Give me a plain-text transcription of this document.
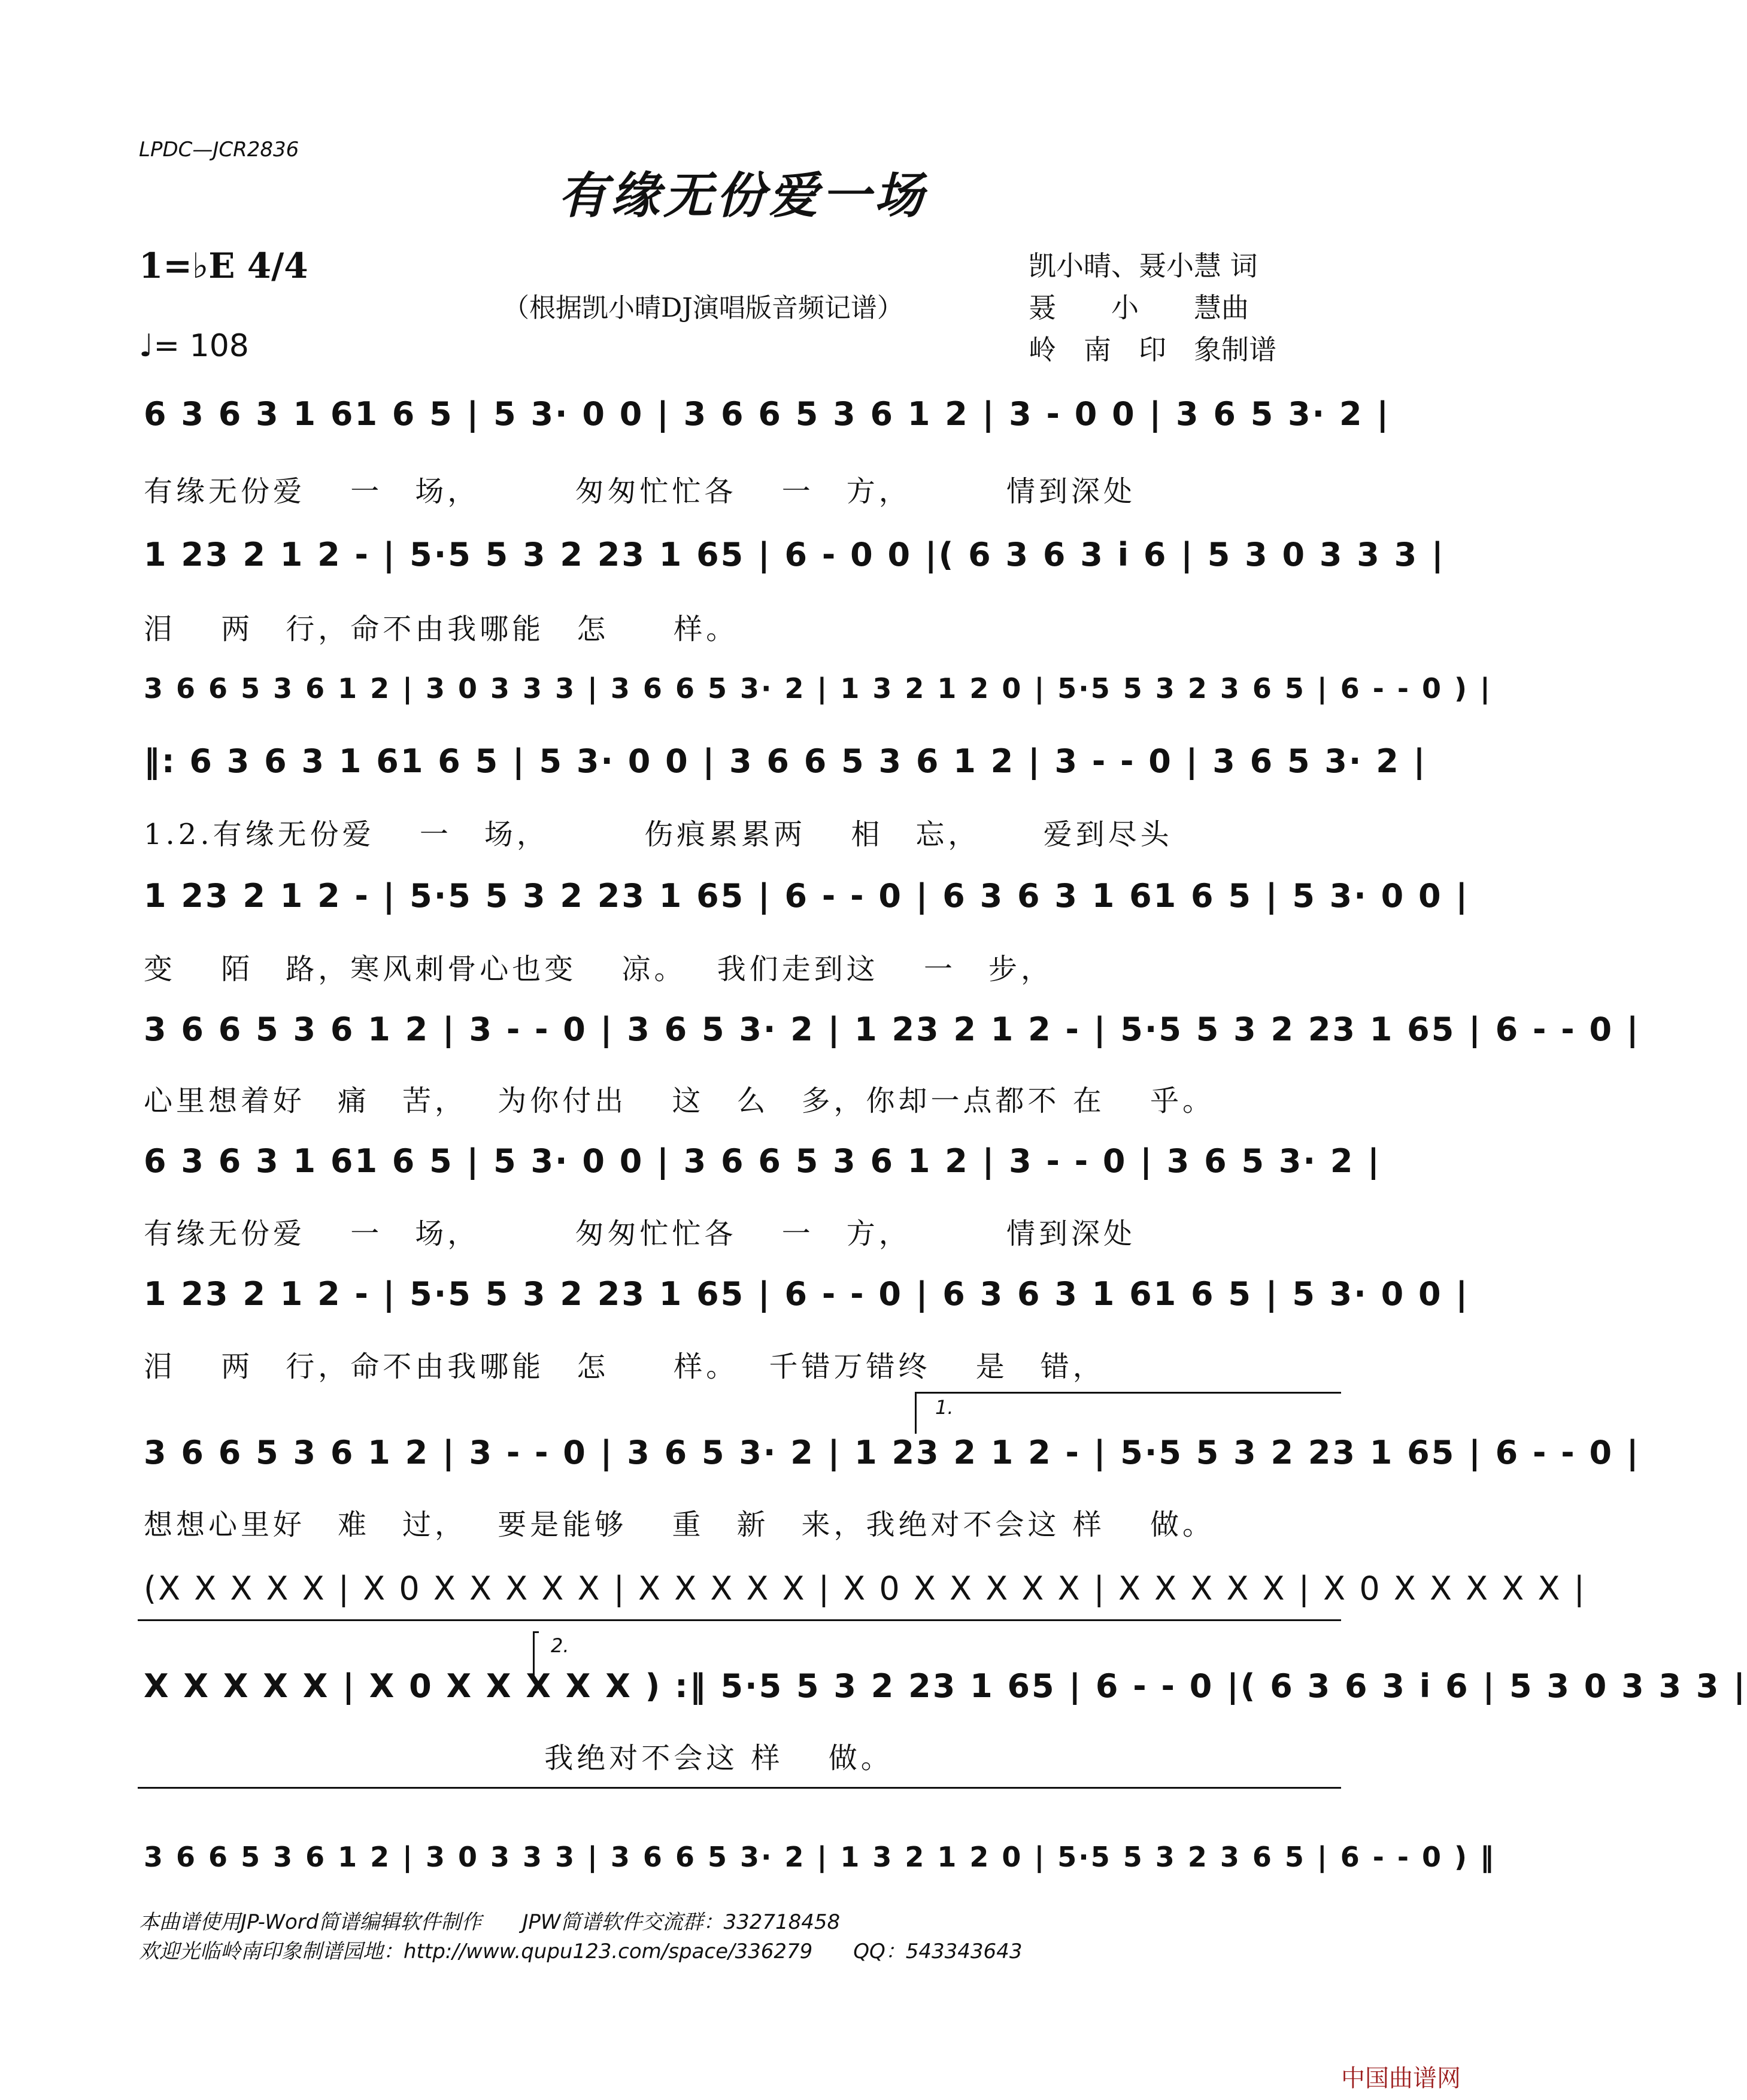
LPDC—JCR2836
有缘无份爱一场
1=♭E 4/4
♩= 108
（根据凯小晴DJ演唱版音频记谱）
凯小晴、聂小慧 词
聂　　小　　慧曲
岭　南　印　象制谱
6 3 6 3 1 61 6 5 | 5 3· 0 0 | 3 6 6 5 3 6 1 2 | 3 - 0 0 | 3 6 5 3· 2 |
有缘无份爱　 一　场，　　　 匆匆忙忙各　 一　方，　　　 情到深处
1 23 2 1 2 - | 5·5 5 3 2 23 1 65 | 6 - 0 0 |( 6 3 6 3 i 6 | 5 3 0 3 3 3 |
泪　 两　行，命不由我哪能　怎　　样。
3 6 6 5 3 6 1 2 | 3 0 3 3 3 | 3 6 6 5 3· 2 | 1 3 2 1 2 0 | 5·5 5 3 2 3 6 5 | 6 - - 0 ) |
‖: 6 3 6 3 1 61 6 5 | 5 3· 0 0 | 3 6 6 5 3 6 1 2 | 3 - - 0 | 3 6 5 3· 2 |
1.2.有缘无份爱　 一　场，　　　 伤痕累累两　 相　忘，　　 爱到尽头
1 23 2 1 2 - | 5·5 5 3 2 23 1 65 | 6 - - 0 | 6 3 6 3 1 61 6 5 | 5 3· 0 0 |
变　 陌　路，寒风刺骨心也变　 凉。　 我们走到这　 一　步，
3 6 6 5 3 6 1 2 | 3 - - 0 | 3 6 5 3· 2 | 1 23 2 1 2 - | 5·5 5 3 2 23 1 65 | 6 - - 0 |
心里想着好　痛　苦，　 为你付出　 这　么　多，你却一点都不 在　 乎。
6 3 6 3 1 61 6 5 | 5 3· 0 0 | 3 6 6 5 3 6 1 2 | 3 - - 0 | 3 6 5 3· 2 |
有缘无份爱　 一　场，　　　 匆匆忙忙各　 一　方，　　　 情到深处
1 23 2 1 2 - | 5·5 5 3 2 23 1 65 | 6 - - 0 | 6 3 6 3 1 61 6 5 | 5 3· 0 0 |
泪　 两　行，命不由我哪能　怎　　样。　 千错万错终　 是　错，
1.
3 6 6 5 3 6 1 2 | 3 - - 0 | 3 6 5 3· 2 | 1 23 2 1 2 - | 5·5 5 3 2 23 1 65 | 6 - - 0 |
想想心里好　难　过，　 要是能够　 重　新　来，我绝对不会这 样　 做。
(X X X X X | X 0 X X X X X | X X X X X | X 0 X X X X X | X X X X X | X 0 X X X X X |
2.
X X X X X | X 0 X X X X X ) :‖ 5·5 5 3 2 23 1 65 | 6 - - 0 |( 6 3 6 3 i 6 | 5 3 0 3 3 3 |
　　　　　　　　　　　　 我绝对不会这 样　 做。
3 6 6 5 3 6 1 2 | 3 0 3 3 3 | 3 6 6 5 3· 2 | 1 3 2 1 2 0 | 5·5 5 3 2 3 6 5 | 6 - - 0 ) ‖
本曲谱使用JP-Word简谱编辑软件制作　　JPW简谱软件交流群：332718458
欢迎光临岭南印象制谱园地：http://www.qupu123.com/space/336279　　QQ：543343643
中国曲谱网
